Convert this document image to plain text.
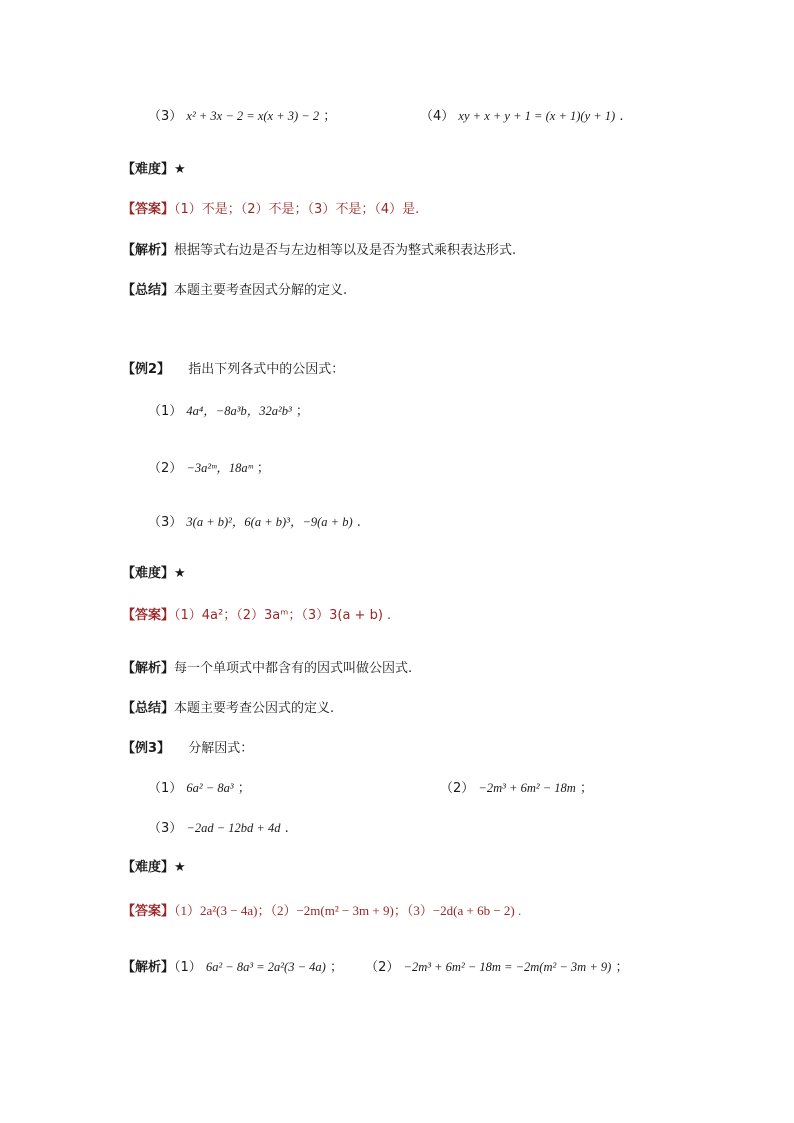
（3） x² + 3x − 2 = x(x + 3) − 2 ；	（4） xy + x + y + 1 = (x + 1)(y + 1) .
【难度】★
【答案】（1）不是；（2）不是；（3）不是；（4）是.
【解析】根据等式右边是否与左边相等以及是否为整式乘积表达形式.
【总结】本题主要考查因式分解的定义.
【例2】 指出下列各式中的公因式：
（1） 4a⁴，−8a³b，32a²b³ ；
（2） −3a²ᵐ，18aᵐ ；
（3） 3(a + b)²，6(a + b)³，−9(a + b) .
【难度】★
【答案】（1）4a²；（2）3aᵐ；（3）3(a + b) .
【解析】每一个单项式中都含有的因式叫做公因式.
【总结】本题主要考查公因式的定义.
【例3】 分解因式：
（1） 6a² − 8a³ ；	（2） −2m³ + 6m² − 18m ；
（3） −2ad − 12bd + 4d .
【难度】★
【答案】（1）2a²(3 − 4a)；（2）−2m(m² − 3m + 9)；（3）−2d(a + 6b − 2) .
【解析】（1） 6a² − 8a³ = 2a²(3 − 4a) ； （2） −2m³ + 6m² − 18m = −2m(m² − 3m + 9) ；
